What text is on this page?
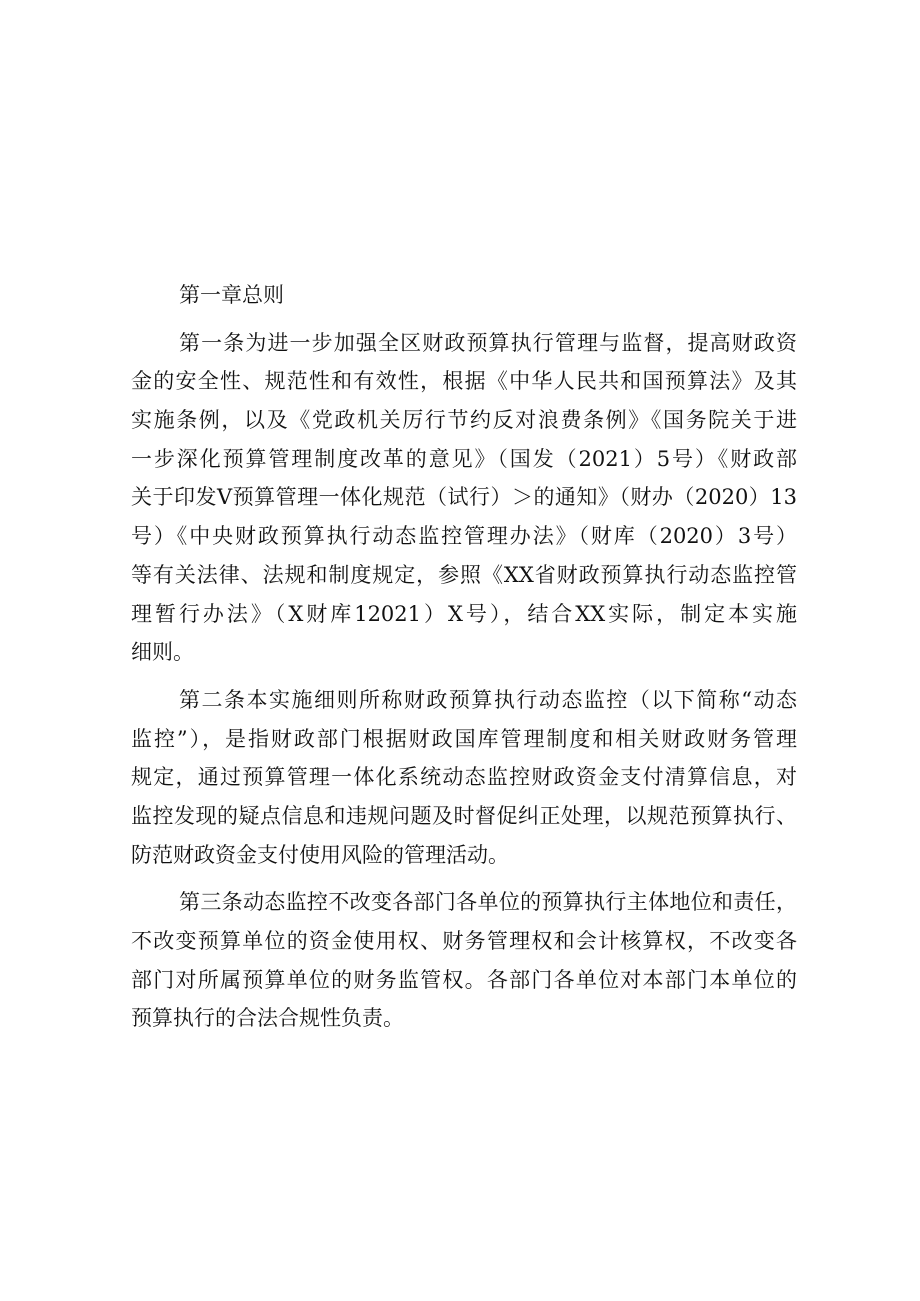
第一章总则
第一条为进一步加强全区财政预算执行管理与监督，提高财政资
金的安全性、规范性和有效性，根据《中华人民共和国预算法》及其
实施条例，以及《党政机关厉行节约反对浪费条例》《国务院关于进
一步深化预算管理制度改革的意见》（国发（2021）5号）《财政部
关于印发V预算管理一体化规范（试行）＞的通知》（财办（2020）13
号）《中央财政预算执行动态监控管理办法》（财库（2020）3号）
等有关法律、法规和制度规定，参照《XX省财政预算执行动态监控管
理暂行办法》（X财库12021）X号），结合XX实际，制定本实施
细则。
第二条本实施细则所称财政预算执行动态监控（以下简称“动态
监控”），是指财政部门根据财政国库管理制度和相关财政财务管理
规定，通过预算管理一体化系统动态监控财政资金支付清算信息，对
监控发现的疑点信息和违规问题及时督促纠正处理，以规范预算执行、
防范财政资金支付使用风险的管理活动。
第三条动态监控不改变各部门各单位的预算执行主体地位和责任，
不改变预算单位的资金使用权、财务管理权和会计核算权，不改变各
部门对所属预算单位的财务监管权。各部门各单位对本部门本单位的
预算执行的合法合规性负责。
